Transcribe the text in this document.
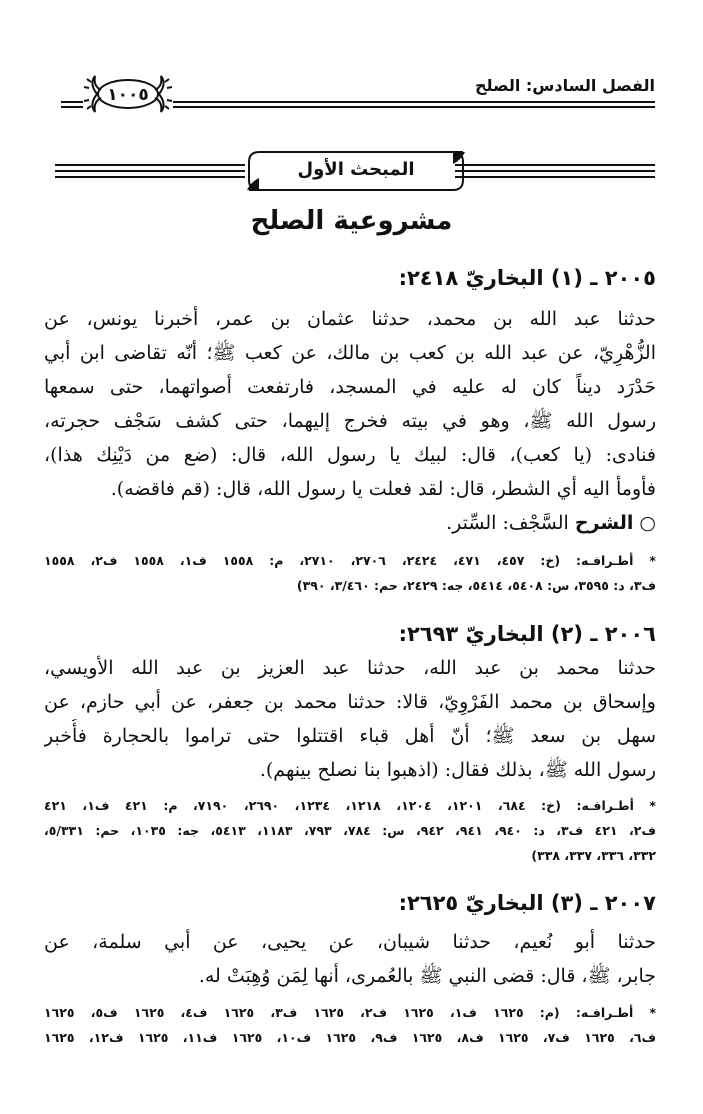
الفصل السادس: الصلح
١٠٠٥
المبحث الأول
مشروعية الصلح
٢٠٠٥ ـ (١) البخاريّ ٢٤١٨:
حدثنا عبد الله بن محمد، حدثنا عثمان بن عمر، أخبرنا يونس، عن
الزُّهْرِيّ، عن عبد الله بن كعب بن مالك، عن كعب ﷺ؛ أنّه تقاضى ابن أبي
حَدْرَد ديناً كان له عليه في المسجد، فارتفعت أصواتهما، حتى سمعها
رسول الله ﷺ، وهو في بيته فخرج إليهما، حتى كشف سَجْف حجرته،
فنادى: (يا كعب)، قال: لبيك يا رسول الله، قال: (ضع من دَيْنِك هذا)،
فأومأ اليه أي الشطر، قال: لقد فعلت يا رسول الله، قال: (قم فاقضه).
○ الشرح السَّجْف: السِّتر.
* أطـرافـه: (خ: ٤٥٧، ٤٧١، ٢٤٢٤، ٢٧٠٦، ٢٧١٠، م: ١٥٥٨ ف١، ١٥٥٨ ف٢، ١٥٥٨
ف٣، د: ٣٥٩٥، س: ٥٤٠٨، ٥٤١٤، جه: ٢٤٢٩، حم: ٣/٤٦٠، ٣٩٠)
٢٠٠٦ ـ (٢) البخاريّ ٢٦٩٣:
حدثنا محمد بن عبد الله، حدثنا عبد العزيز بن عبد الله الأويسي،
وإسحاق بن محمد الفَرْوِيّ، قالا: حدثنا محمد بن جعفر، عن أبي حازم، عن
سهل بن سعد ﷺ؛ أنّ أهل قباء اقتتلوا حتى تراموا بالحجارة فأُخبر
رسول الله ﷺ، بذلك فقال: (اذهبوا بنا نصلح بينهم).
* أطـرافـه: (خ: ٦٨٤، ١٢٠١، ١٢٠٤، ١٢١٨، ١٢٣٤، ٢٦٩٠، ٧١٩٠، م: ٤٢١ ف١، ٤٢١
ف٢، ٤٢١ ف٣، د: ٩٤٠، ٩٤١، ٩٤٢، س: ٧٨٤، ٧٩٣، ١١٨٣، ٥٤١٣، جه: ١٠٣٥، حم: ٥/٣٣١،
٣٣٢، ٣٣٦، ٣٣٧، ٣٣٨)
٢٠٠٧ ـ (٣) البخاريّ ٢٦٢٥:
حدثنا أبو نُعيم، حدثنا شيبان، عن يحيى، عن أبي سلمة، عن
جابر، ﷺ، قال: قضى النبي ﷺ بالعُمرى، أنها لِمَن وُهِبَتْ له.
* أطـرافـه: (م: ١٦٢٥ ف١، ١٦٢٥ ف٢، ١٦٢٥ ف٣، ١٦٢٥ ف٤، ١٦٢٥ ف٥، ١٦٢٥
ف٦، ١٦٢٥ ف٧، ١٦٢٥ ف٨، ١٦٢٥ ف٩، ١٦٢٥ ف١٠، ١٦٢٥ ف١١، ١٦٢٥ ف١٢، ١٦٢٥
